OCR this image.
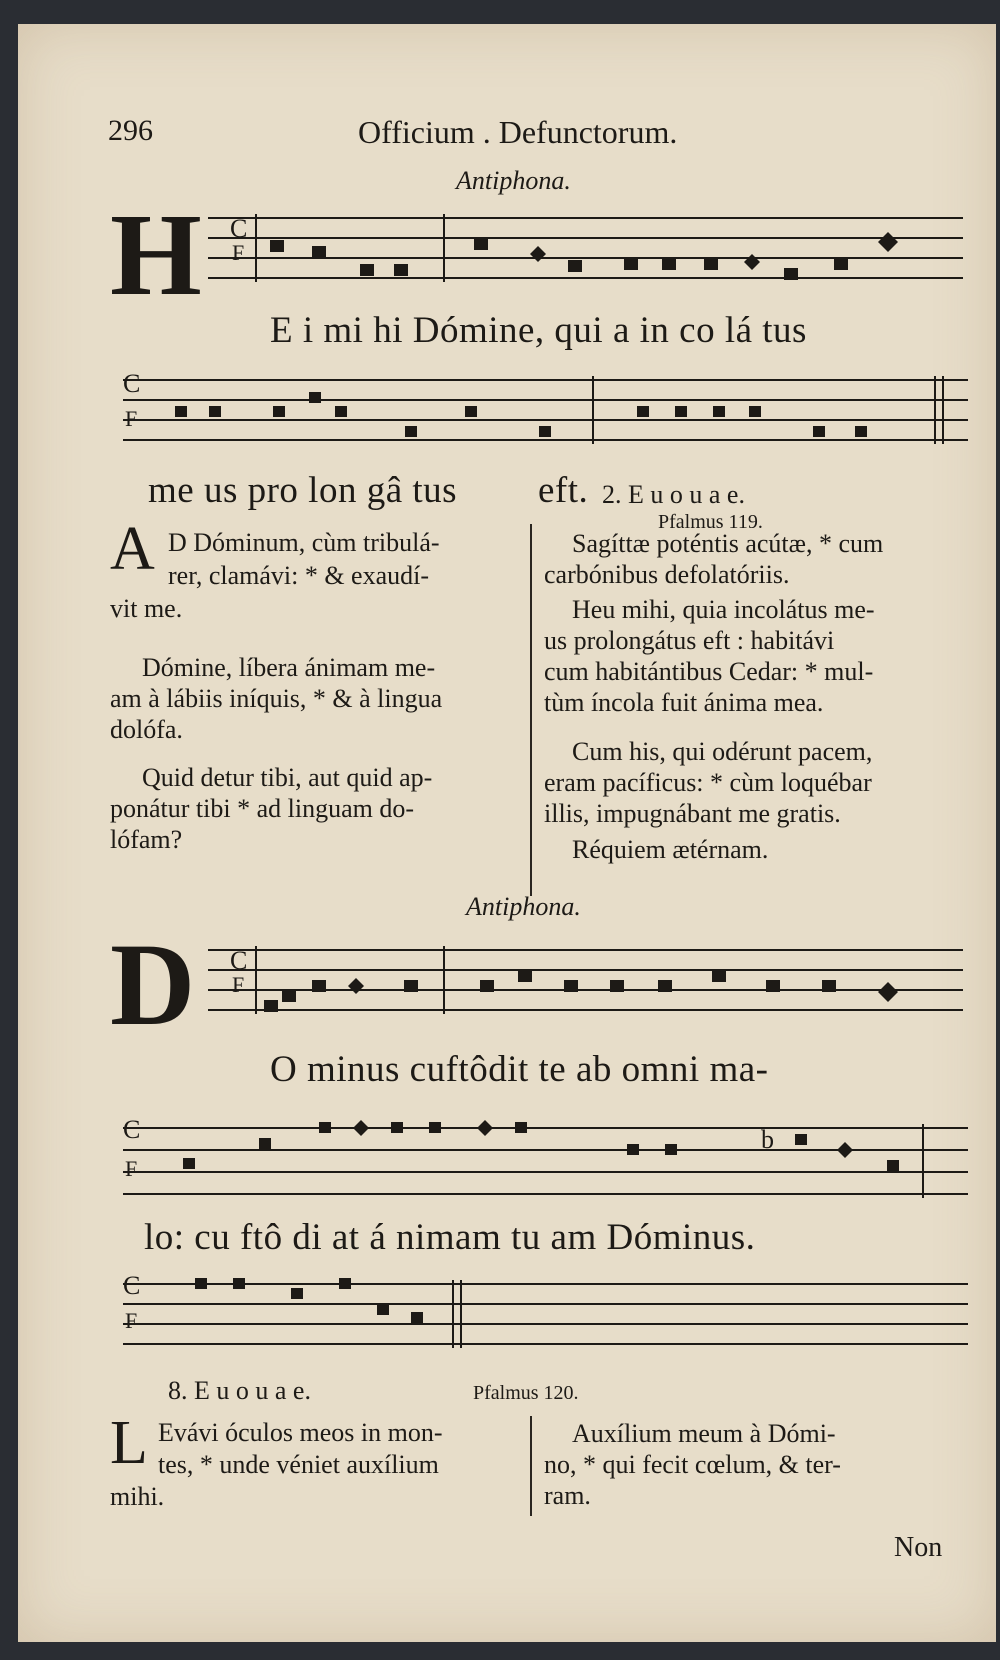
296	Officium . Defunctorum.
Antiphona.
H C
F
E i mi hi Dómine, qui a in co lá tus
C
F
me us pro lon gâ tus eft. 2. E u o u a e.
Pfalmus 119.
A D Dóminum, cùm tribulá-
rer, clamávi: * & exaudí-
vit me.

Dómine, líbera ánimam me-

am à lábiis iníquis, * & à lingua

dolófa.

Quid detur tibi, aut quid ap-

ponátur tibi * ad linguam do-

lófam?

Sagíttæ poténtis acútæ, * cum

carbónibus defolatóriis.

Heu mihi, quia incolátus me-

us prolongátus eft : habitávi

cum habitántibus Cedar: * mul-

tùm íncola fuit ánima mea.

Cum his, qui odérunt pacem,

eram pacíficus: * cùm loquébar

illis, impugnábant me gratis.

Réquiem ætérnam.

Antiphona.
D C
F
O minus cuftôdit te ab omni ma-
C
F
b
lo: cu ftô di at á nimam tu am Dóminus.
C
F
8. E u o u a e.	Pfalmus 120.
L Evávi óculos meos in mon-
tes, * unde véniet auxílium
mihi.

Auxílium meum à Dómi-

no, * qui fecit cœlum, & ter-

ram.

Non
